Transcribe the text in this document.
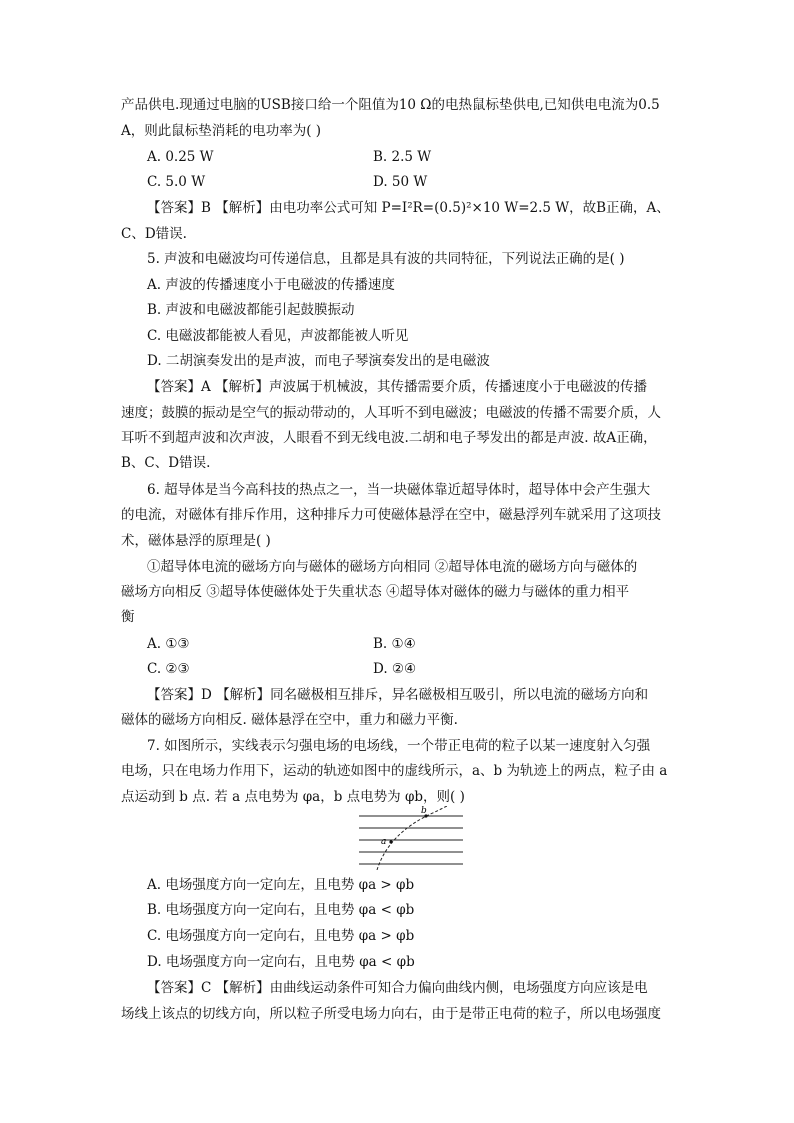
产品供电.现通过电脑的USB接口给一个阻值为10 Ω的电热鼠标垫供电,已知供电电流为0.5
A，则此鼠标垫消耗的电功率为( )
A. 0.25 W	B. 2.5 W
C. 5.0 W	D. 50 W
【答案】B 【解析】由电功率公式可知 P=I²R=(0.5)²×10 W=2.5 W，故B正确，A、
C、D错误.
5. 声波和电磁波均可传递信息，且都是具有波的共同特征，下列说法正确的是( )
A. 声波的传播速度小于电磁波的传播速度
B. 声波和电磁波都能引起鼓膜振动
C. 电磁波都能被人看见，声波都能被人听见
D. 二胡演奏发出的是声波，而电子琴演奏发出的是电磁波
【答案】A 【解析】声波属于机械波，其传播需要介质，传播速度小于电磁波的传播
速度；鼓膜的振动是空气的振动带动的，人耳听不到电磁波；电磁波的传播不需要介质，人
耳听不到超声波和次声波，人眼看不到无线电波.二胡和电子琴发出的都是声波. 故A正确，
B、C、D错误.
6. 超导体是当今高科技的热点之一，当一块磁体靠近超导体时，超导体中会产生强大
的电流，对磁体有排斥作用，这种排斥力可使磁体悬浮在空中，磁悬浮列车就采用了这项技
术，磁体悬浮的原理是( )
①超导体电流的磁场方向与磁体的磁场方向相同 ②超导体电流的磁场方向与磁体的
磁场方向相反 ③超导体使磁体处于失重状态 ④超导体对磁体的磁力与磁体的重力相平
衡
A. ①③	B. ①④
C. ②③	D. ②④
【答案】D 【解析】同名磁极相互排斥，异名磁极相互吸引，所以电流的磁场方向和
磁体的磁场方向相反. 磁体悬浮在空中，重力和磁力平衡.
7. 如图所示，实线表示匀强电场的电场线，一个带正电荷的粒子以某一速度射入匀强
电场，只在电场力作用下，运动的轨迹如图中的虚线所示，a、b 为轨迹上的两点，粒子由 a
点运动到 b 点. 若 a 点电势为 φa，b 点电势为 φb，则( )
a
b
A. 电场强度方向一定向左，且电势 φa > φb
B. 电场强度方向一定向右，且电势 φa < φb
C. 电场强度方向一定向右，且电势 φa > φb
D. 电场强度方向一定向右，且电势 φa < φb
【答案】C 【解析】由曲线运动条件可知合力偏向曲线内侧，电场强度方向应该是电
场线上该点的切线方向，所以粒子所受电场力向右，由于是带正电荷的粒子，所以电场强度
